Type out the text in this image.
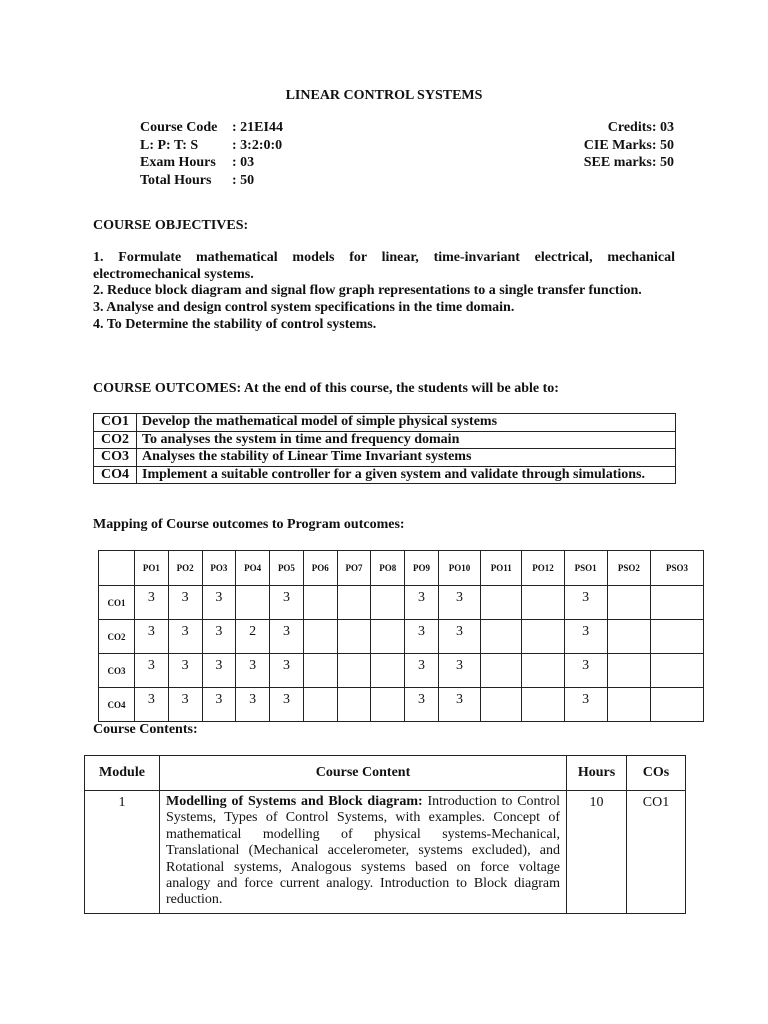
LINEAR CONTROL SYSTEMS
Course Code	: 21EI44
L: P: T: S	: 3:2:0:0
Exam Hours	: 03
Total Hours	: 50
Credits: 03
CIE Marks: 50
SEE marks: 50
COURSE OBJECTIVES:

1. Formulate mathematical models for linear, time-invariant electrical, mechanical electromechanical systems.

2. Reduce block diagram and signal flow graph representations to a single transfer function.

3. Analyse and design control system specifications in the time domain.

4. To Determine the stability of control systems.

COURSE OUTCOMES: At the end of this course, the students will be able to:
CO1	Develop the mathematical model of simple physical systems
CO2	To analyses the system in time and frequency domain
CO3	Analyses the stability of Linear Time Invariant systems
CO4	Implement a suitable controller for a given system and validate through simulations.
Mapping of Course outcomes to Program outcomes:
	PO1	PO2	PO3	PO4	PO5	PO6	PO7	PO8	PO9	PO10	PO11	PO12	PSO1	PSO2	PSO3
CO1	3	3	3		3				3	3			3		
CO2	3	3	3	2	3				3	3			3		
CO3	3	3	3	3	3				3	3			3		
CO4	3	3	3	3	3				3	3			3		
Course Contents:
Module	Course Content	Hours	COs
1	Modelling of Systems and Block diagram: Introduction to Control Systems, Types of Control Systems, with examples. Concept of mathematical modelling of physical systems-Mechanical, Translational (Mechanical accelerometer, systems excluded), and Rotational systems, Analogous systems based on force voltage analogy and force current analogy. Introduction to Block diagram reduction.	10	CO1
